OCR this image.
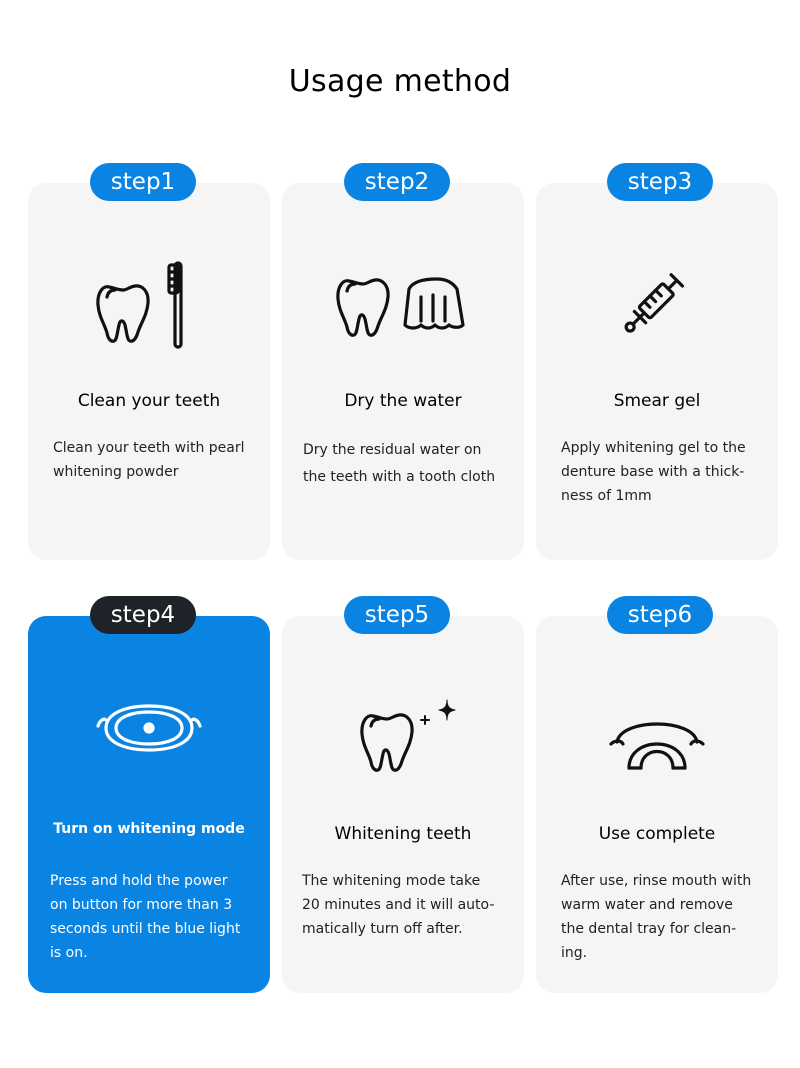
Usage method
Clean your teeth
Clean your teeth with pearl
whitening powder
step1
Dry the water
Dry the residual water on
the teeth with a tooth cloth
step2
Smear gel
Apply whitening gel to the
denture base with a thick-
ness of 1mm
step3
Turn on whitening mode
Press and hold the power
on button for more than 3
seconds until the blue light
is on.
step4
Whitening teeth
The whitening mode take
20 minutes and it will auto-
matically turn off after.
step5
Use complete
After use, rinse mouth with
warm water and remove
the dental tray for clean-
ing.
step6
